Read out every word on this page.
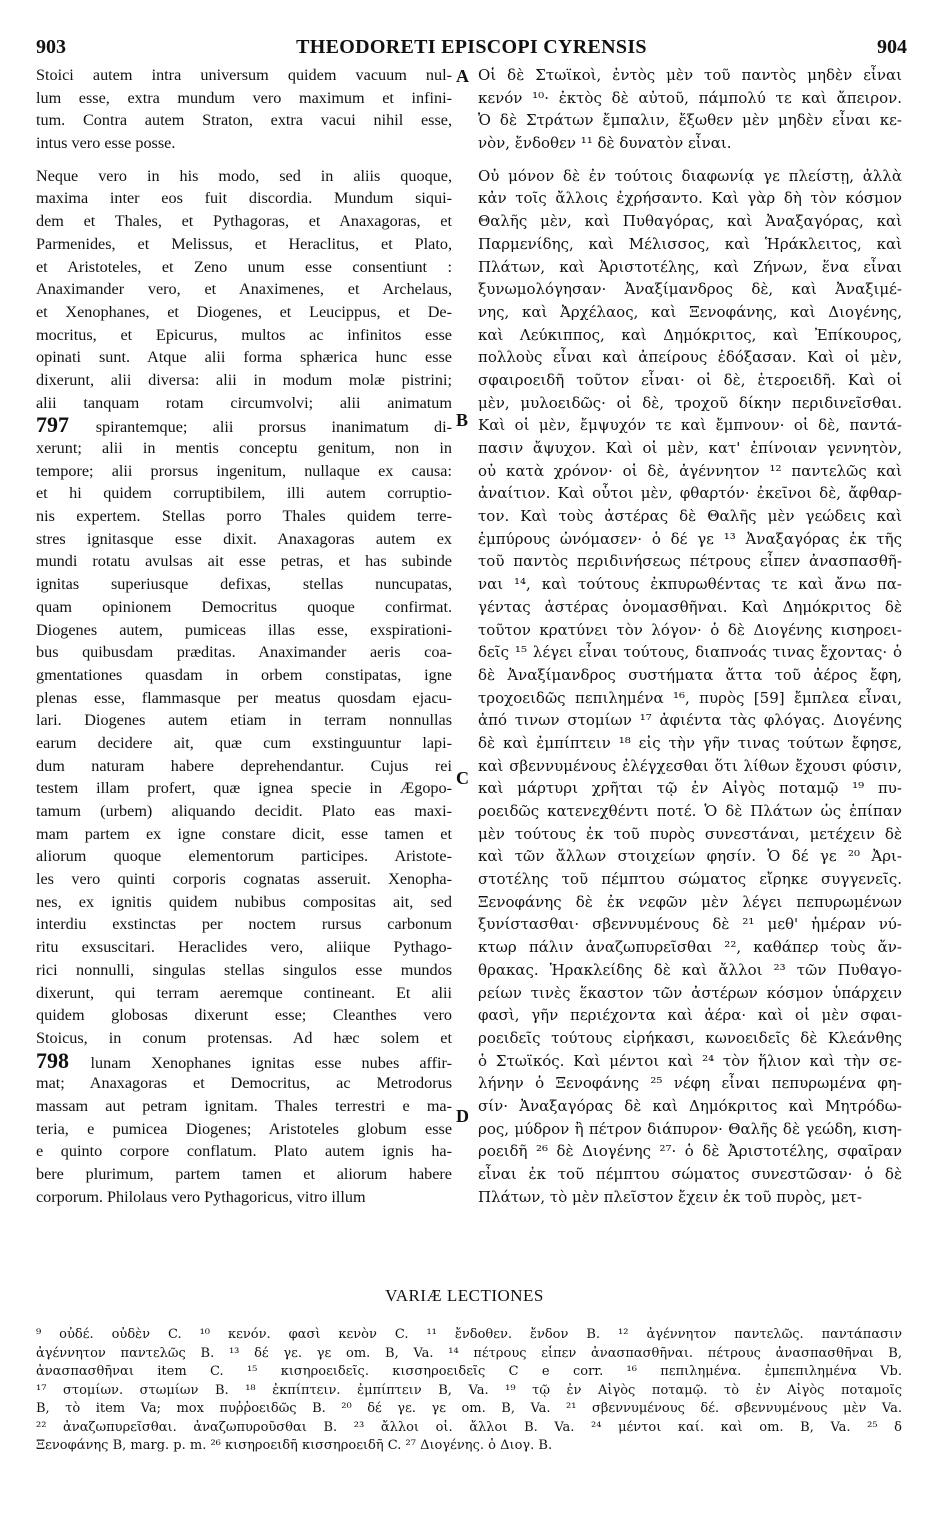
903	THEODORETI EPISCOPI CYRENSIS	904
Stoici autem intra universum quidem vacuum nul-
lum esse, extra mundum vero maximum et infini-
tum. Contra autem Straton, extra vacui nihil esse,
intus vero esse posse.
Neque vero in his modo, sed in aliis quoque,
maxima inter eos fuit discordia. Mundum siqui-
dem et Thales, et Pythagoras, et Anaxagoras, et
Parmenides, et Melissus, et Heraclitus, et Plato,
et Aristoteles, et Zeno unum esse consentiunt :
Anaximander vero, et Anaximenes, et Archelaus,
et Xenophanes, et Diogenes, et Leucippus, et De-
mocritus, et Epicurus, multos ac infinitos esse
opinati sunt. Atque alii forma sphærica hunc esse
dixerunt, alii diversa: alii in modum molæ pistrini;
alii tanquam rotam circumvolvi; alii animatum
797 spirantemque; alii prorsus inanimatum di-
xerunt; alii in mentis conceptu genitum, non in
tempore; alii prorsus ingenitum, nullaque ex causa:
et hi quidem corruptibilem, illi autem corruptio-
nis expertem. Stellas porro Thales quidem terre-
stres ignitasque esse dixit. Anaxagoras autem ex
mundi rotatu avulsas ait esse petras, et has subinde
ignitas superiusque defixas, stellas nuncupatas,
quam opinionem Democritus quoque confirmat.
Diogenes autem, pumiceas illas esse, exspirationi-
bus quibusdam præditas. Anaximander aeris coa-
gmentationes quasdam in orbem constipatas, igne
plenas esse, flammasque per meatus quosdam ejacu-
lari. Diogenes autem etiam in terram nonnullas
earum decidere ait, quæ cum exstinguuntur lapi-
dum naturam habere deprehendantur. Cujus rei
testem illam profert, quæ ignea specie in Ægopo-
tamum (urbem) aliquando decidit. Plato eas maxi-
mam partem ex igne constare dicit, esse tamen et
aliorum quoque elementorum participes. Aristote-
les vero quinti corporis cognatas asseruit. Xenopha-
nes, ex ignitis quidem nubibus compositas ait, sed
interdiu exstinctas per noctem rursus carbonum
ritu exsuscitari. Heraclides vero, aliique Pythago-
rici nonnulli, singulas stellas singulos esse mundos
dixerunt, qui terram aeremque contineant. Et alii
quidem globosas dixerunt esse; Cleanthes vero
Stoicus, in conum protensas. Ad hæc solem et
798 lunam Xenophanes ignitas esse nubes affir-
mat; Anaxagoras et Democritus, ac Metrodorus
massam aut petram ignitam. Thales terrestri e ma-
teria, e pumicea Diogenes; Aristoteles globum esse
e quinto corpore conflatum. Plato autem ignis ha-
bere plurimum, partem tamen et aliorum habere
corporum. Philolaus vero Pythagoricus, vitro illum
Οἱ δὲ Στωϊκοὶ, ἐντὸς μὲν τοῦ παντὸς μηδὲν εἶναι
κενόν ¹⁰· ἐκτὸς δὲ αὐτοῦ, πάμπολύ τε καὶ ἄπειρον.
Ὁ δὲ Στράτων ἔμπαλιν, ἔξωθεν μὲν μηδὲν εἶναι κε-
νὸν, ἔνδοθεν ¹¹ δὲ δυνατὸν εἶναι.
Οὐ μόνον δὲ ἐν τούτοις διαφωνίᾳ γε πλείστῃ, ἀλλὰ
κἀν τοῖς ἄλλοις ἐχρήσαντο. Καὶ γὰρ δὴ τὸν κόσμον
Θαλῆς μὲν, καὶ Πυθαγόρας, καὶ Ἀναξαγόρας, καὶ
Παρμενίδης, καὶ Μέλισσος, καὶ Ἡράκλειτος, καὶ
Πλάτων, καὶ Ἀριστοτέλης, καὶ Ζήνων, ἕνα εἶναι
ξυνωμολόγησαν· Ἀναξίμανδρος δὲ, καὶ Ἀναξιμέ-
νης, καὶ Ἀρχέλαος, καὶ Ξενοφάνης, καὶ Διογένης,
καὶ Λεύκιππος, καὶ Δημόκριτος, καὶ Ἐπίκουρος,
πολλοὺς εἶναι καὶ ἀπείρους ἐδόξασαν. Καὶ οἱ μὲν,
σφαιροειδῆ τοῦτον εἶναι· οἱ δὲ, ἑτεροειδῆ. Καὶ οἱ
μὲν, μυλοειδῶς· οἱ δὲ, τροχοῦ δίκην περιδινεῖσθαι.
Καὶ οἱ μὲν, ἔμψυχόν τε καὶ ἔμπνουν· οἱ δὲ, παντά-
πασιν ἄψυχον. Καὶ οἱ μὲν, κατ' ἐπίνοιαν γεννητὸν,
οὐ κατὰ χρόνον· οἱ δὲ, ἀγέννητον ¹² παντελῶς καὶ
ἀναίτιον. Καὶ οὗτοι μὲν, φθαρτόν· ἐκεῖνοι δὲ, ἄφθαρ-
τον. Καὶ τοὺς ἀστέρας δὲ Θαλῆς μὲν γεώδεις καὶ
ἐμπύρους ὠνόμασεν· ὁ δέ γε ¹³ Ἀναξαγόρας ἐκ τῆς
τοῦ παντὸς περιδινήσεως πέτρους εἶπεν ἀνασπασθῆ-
ναι ¹⁴, καὶ τούτους ἐκπυρωθέντας τε καὶ ἄνω πα-
γέντας ἀστέρας ὀνομασθῆναι. Καὶ Δημόκριτος δὲ
τοῦτον κρατύνει τὸν λόγον· ὁ δὲ Διογένης κισηροει-
δεῖς ¹⁵ λέγει εἶναι τούτους, διαπνοάς τινας ἔχοντας· ὁ
δὲ Ἀναξίμανδρος συστήματα ἄττα τοῦ ἀέρος ἔφη,
τροχοειδῶς πεπιλημένα ¹⁶, πυρὸς [59] ἔμπλεα εἶναι,
ἀπό τινων στομίων ¹⁷ ἀφιέντα τὰς φλόγας. Διογένης
δὲ καὶ ἐμπίπτειν ¹⁸ εἰς τὴν γῆν τινας τούτων ἔφησε,
καὶ σβεννυμένους ἐλέγχεσθαι ὅτι λίθων ἔχουσι φύσιν,
καὶ μάρτυρι χρῆται τῷ ἐν Αἰγὸς ποταμῷ ¹⁹ πυ-
ροειδῶς κατενεχθέντι ποτέ. Ὁ δὲ Πλάτων ὡς ἐπίπαν
μὲν τούτους ἐκ τοῦ πυρὸς συνεστάναι, μετέχειν δὲ
καὶ τῶν ἄλλων στοιχείων φησίν. Ὁ δέ γε ²⁰ Ἀρι-
στοτέλης τοῦ πέμπτου σώματος εἴρηκε συγγενεῖς.
Ξενοφάνης δὲ ἐκ νεφῶν μὲν λέγει πεπυρωμένων
ξυνίστασθαι· σβεννυμένους δὲ ²¹ μεθ' ἡμέραν νύ-
κτωρ πάλιν ἀναζωπυρεῖσθαι ²², καθάπερ τοὺς ἄν-
θρακας. Ἡρακλείδης δὲ καὶ ἄλλοι ²³ τῶν Πυθαγο-
ρείων τινὲς ἕκαστον τῶν ἀστέρων κόσμον ὑπάρχειν
φασὶ, γῆν περιέχοντα καὶ ἀέρα· καὶ οἱ μὲν σφαι-
ροειδεῖς τούτους εἰρήκασι, κωνοειδεῖς δὲ Κλεάνθης
ὁ Στωϊκός. Καὶ μέντοι καὶ ²⁴ τὸν ἥλιον καὶ τὴν σε-
λήνην ὁ Ξενοφάνης ²⁵ νέφη εἶναι πεπυρωμένα φη-
σίν· Ἀναξαγόρας δὲ καὶ Δημόκριτος καὶ Μητρόδω-
ρος, μύδρον ἢ πέτρον διάπυρον· Θαλῆς δὲ γεώδη, κιση-
ροειδῆ ²⁶ δὲ Διογένης ²⁷· ὁ δὲ Ἀριστοτέλης, σφαῖραν
εἶναι ἐκ τοῦ πέμπτου σώματος συνεστῶσαν· ὁ δὲ
Πλάτων, τὸ μὲν πλεῖστον ἔχειν ἐκ τοῦ πυρὸς, μετ-
A
B
C
D
VARIÆ LECTIONES
⁹ οὐδέ. οὐδὲν C. ¹⁰ κενόν. φασὶ κενὸν C. ¹¹ ἔνδοθεν. ἔνδον B. ¹² ἀγέννητον παντελῶς. παντάπασιν
ἀγέννητον παντελῶς B. ¹³ δέ γε. γε om. B, Va. ¹⁴ πέτρους εἶπεν ἀνασπασθῆναι. πέτρους ἀνασπασθῆναι B,
ἀνασπασθῆναι item C. ¹⁵ κισηροειδεῖς. κισσηροειδεῖς C e corr. ¹⁶ πεπιλημένα. ἐμπεπιλημένα Vb.
¹⁷ στομίων. στωμίων B. ¹⁸ ἐκπίπτειν. ἐμπίπτειν B, Va. ¹⁹ τῷ ἐν Αἰγὸς ποταμῷ. τὸ ἐν Αἰγὸς ποταμοῖς
B, τὸ item Va; mox πυῤῥοειδῶς B. ²⁰ δέ γε. γε om. B, Va. ²¹ σβεννυμένους δέ. σβεννυμένους μὲν Va.
²² ἀναζωπυρεῖσθαι. ἀναζωπυροῦσθαι B. ²³ ἄλλοι οἱ. ἄλλοι B. Va. ²⁴ μέντοι καί. καὶ om. B, Va. ²⁵ δ
Ξενοφάνης B, marg. p. m. ²⁶ κισηροειδῆ κισσηροειδῆ C. ²⁷ Διογένης. ὁ Διογ. B.
